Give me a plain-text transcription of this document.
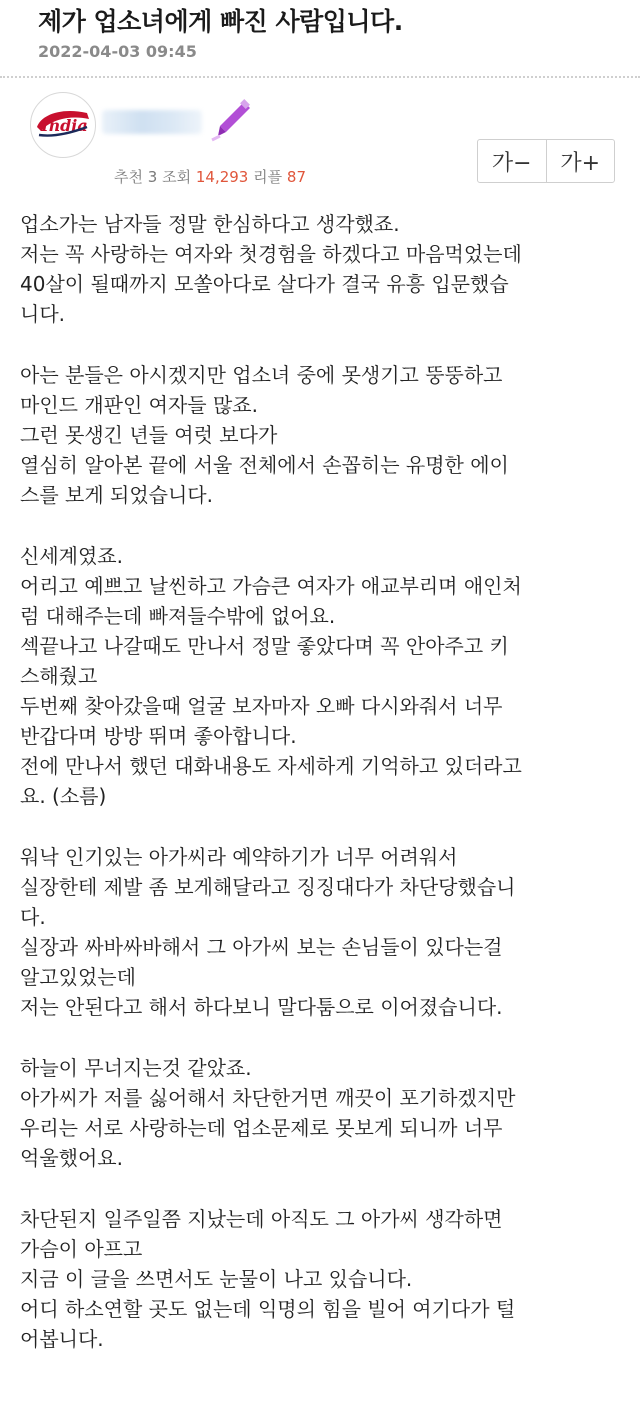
제가 업소녀에게 빠진 사람입니다.
2022-04-03 09:45
India
추천 3 조회 14,293 리플 87
가−	가+

업소가는 남자들 정말 한심하다고 생각했죠.
저는 꼭 사랑하는 여자와 첫경험을 하겠다고 마음먹었는데
40살이 될때까지 모쏠아다로 살다가 결국 유흥 입문했습
니다.

아는 분들은 아시겠지만 업소녀 중에 못생기고 뚱뚱하고
마인드 개판인 여자들 많죠.
그런 못생긴 년들 여럿 보다가
열심히 알아본 끝에 서울 전체에서 손꼽히는 유명한 에이
스를 보게 되었습니다.

신세계였죠.
어리고 예쁘고 날씬하고 가슴큰 여자가 애교부리며 애인처
럼 대해주는데 빠져들수밖에 없어요.
섹끝나고 나갈때도 만나서 정말 좋았다며 꼭 안아주고 키
스해줬고
두번째 찾아갔을때 얼굴 보자마자 오빠 다시와줘서 너무
반갑다며 방방 뛰며 좋아합니다.
전에 만나서 했던 대화내용도 자세하게 기억하고 있더라고
요. (소름)

워낙 인기있는 아가씨라 예약하기가 너무 어려워서
실장한테 제발 좀 보게해달라고 징징대다가 차단당했습니
다.
실장과 싸바싸바해서 그 아가씨 보는 손님들이 있다는걸
알고있었는데
저는 안된다고 해서 하다보니 말다툼으로 이어졌습니다.

하늘이 무너지는것 같았죠.
아가씨가 저를 싫어해서 차단한거면 깨끗이 포기하겠지만
우리는 서로 사랑하는데 업소문제로 못보게 되니까 너무
억울했어요.

차단된지 일주일쯤 지났는데 아직도 그 아가씨 생각하면
가슴이 아프고
지금 이 글을 쓰면서도 눈물이 나고 있습니다.
어디 하소연할 곳도 없는데 익명의 힘을 빌어 여기다가 털
어봅니다.
